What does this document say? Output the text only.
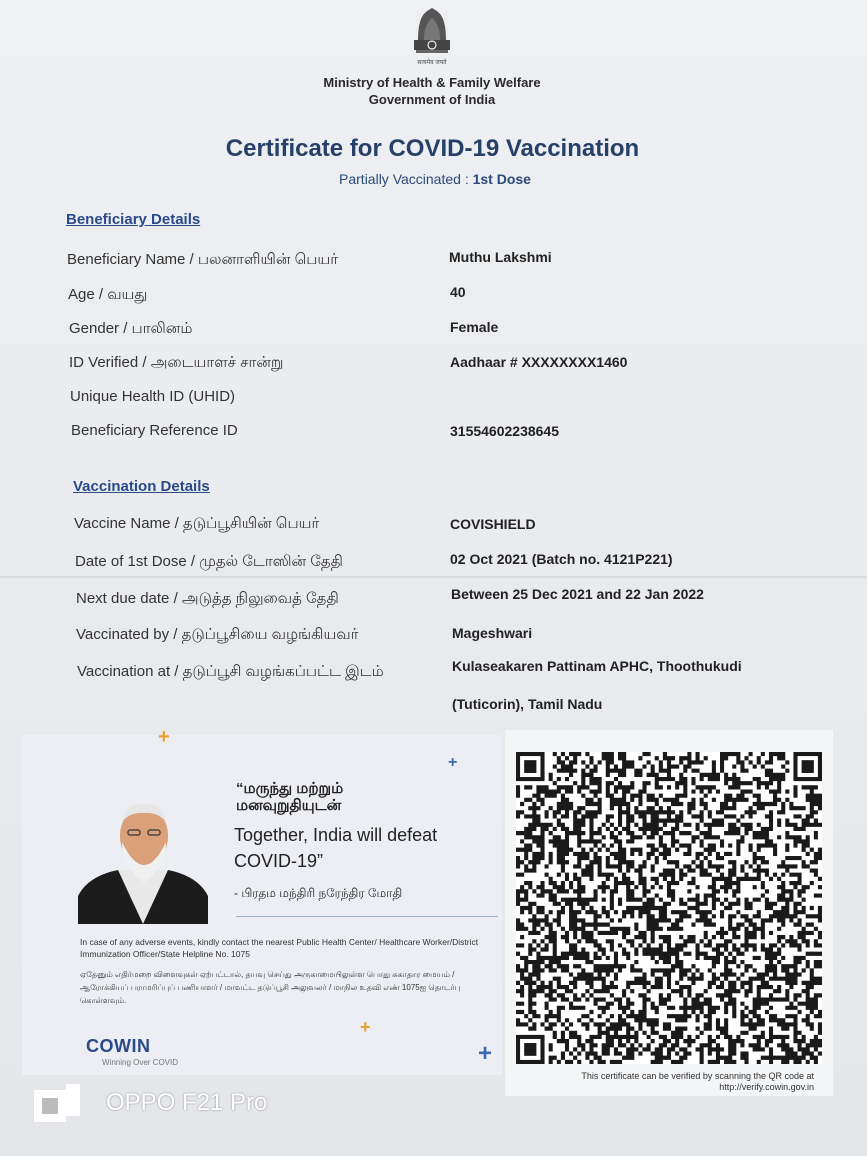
सत्यमेव जयते
Ministry of Health & Family Welfare
Government of India
Certificate for COVID-19 Vaccination
Partially Vaccinated : 1st Dose
Beneficiary Details
Beneficiary Name / பலனாளியின் பெயர்	Muthu Lakshmi
Age / வயது	40
Gender / பாலினம்	Female
ID Verified / அடையாளச் சான்று	Aadhaar # XXXXXXXX1460
Unique Health ID (UHID)
Beneficiary Reference ID	31554602238645
Vaccination Details
Vaccine Name / தடுப்பூசியின் பெயர்	COVISHIELD
Date of 1st Dose / முதல் டோஸின் தேதி	02 Oct 2021 (Batch no. 4121P221)
Next due date / அடுத்த நிலுவைத் தேதி	Between 25 Dec 2021 and 22 Jan 2022
Vaccinated by / தடுப்பூசியை வழங்கியவர்	Mageshwari
Vaccination at / தடுப்பூசி வழங்கப்பட்ட இடம்	Kulaseakaren Pattinam APHC, Thoothukudi
(Tuticorin), Tamil Nadu
+
+
+
+
“மருந்து மற்றும்
மனவுறுதியுடன்
Together, India will defeat
COVID-19”
- பிரதம மந்திரி நரேந்திர மோதி
In case of any adverse events, kindly contact the nearest Public Health Center/ Healthcare Worker/District Immunization Officer/State Helpline No. 1075
ஏதேனும் எதிர்மறை விளைவுகள் ஏற்பட்டால், தயவு செய்து அருகாமையிலுள்ள பொது சுகாதார மையம் / ஆரோக்கியப் பராமரிப்புப் பணியாளர் / மாவட்ட தடுப்பூசி அலுவலர் / மாநில உதவி எண் 1075ஐ தொடர்பு கொள்ளவும்.
COWIN
Winning Over COVID
This certificate can be verified by scanning the QR code at
http://verify.cowin.gov.in
OPPO F21 Pro
